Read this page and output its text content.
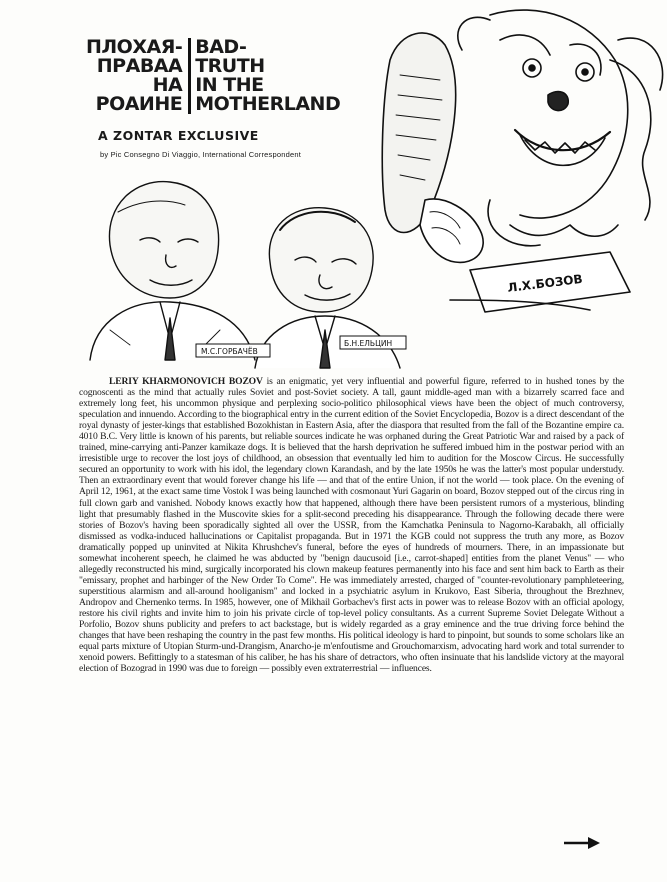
Л.Х.БОЗОВ
М.С.ГОРБАЧЁВ
Б.Н.ЕЛЬЦИН
ПЛОХАЯ-
ПРАВАА
НА
РОАИНЕ
BAD-
TRUTH
IN THE
MOTHERLAND
A ZONTAR EXCLUSIVE
by Pic Consegno Di Viaggio, International Correspondent

LERIY KHARMONOVICH BOZOV is an enigmatic, yet very influential and powerful figure, referred to in hushed tones by the cognoscenti as the mind that actually rules Soviet and post-Soviet society. A tall, gaunt middle-aged man with a bizarrely scarred face and extremely long feet, his uncommon physique and perplexing socio-politico philosophical views have been the object of much controversy, speculation and innuendo. According to the biographical entry in the current edition of the Soviet Encyclopedia, Bozov is a direct descendant of the royal dynasty of jester-kings that established Bozokhistan in Eastern Asia, after the diaspora that resulted from the fall of the Bozantine empire ca. 4010 B.C. Very little is known of his parents, but reliable sources indicate he was orphaned during the Great Patriotic War and raised by a pack of trained, mine-carrying anti-Panzer kamikaze dogs. It is believed that the harsh deprivation he suffered imbued him in the postwar period with an irresistible urge to recover the lost joys of childhood, an obsession that eventually led him to audition for the Moscow Circus. He successfully secured an opportunity to work with his idol, the legendary clown Karandash, and by the late 1950s he was the latter's most popular understudy. Then an extraordinary event that would forever change his life — and that of the entire Union, if not the world — took place. On the evening of April 12, 1961, at the exact same time Vostok I was being launched with cosmonaut Yuri Gagarin on board, Bozov stepped out of the circus ring in full clown garb and vanished. Nobody knows exactly how that happened, although there have been persistent rumors of a mysterious, blinding light that presumably flashed in the Muscovite skies for a split-second preceding his disappearance. Through the following decade there were stories of Bozov's having been sporadically sighted all over the USSR, from the Kamchatka Peninsula to Nagorno-Karabakh, all officially dismissed as vodka-induced hallucinations or Capitalist propaganda. But in 1971 the KGB could not suppress the truth any more, as Bozov dramatically popped up uninvited at Nikita Khrushchev's funeral, before the eyes of hundreds of mourners. There, in an impassionate but somewhat incoherent speech, he claimed he was abducted by "benign daucusoid [i.e., carrot-shaped] entities from the planet Venus" — who allegedly reconstructed his mind, surgically incorporated his clown makeup features permanently into his face and sent him back to Earth as their "emissary, prophet and harbinger of the New Order To Come". He was immediately arrested, charged of "counter-revolutionary pamphleteering, superstitious alarmism and all-around hooliganism" and locked in a psychiatric asylum in Krukovo, East Siberia, throughout the Brezhnev, Andropov and Chernenko terms. In 1985, however, one of Mikhail Gorbachev's first acts in power was to release Bozov with an official apology, restore his civil rights and invite him to join his private circle of top-level policy consultants. As a current Supreme Soviet Delegate Without a Porfolio, Bozov shuns publicity and prefers to act backstage, but is widely regarded as a gray eminence and the true driving force behind the changes that have been reshaping the country in the past few months. His political ideology is hard to pinpoint, but sounds to some scholars like an equal parts mixture of Utopian Sturm-und-Drangism, Anarcho-je m'enfoutisme and Grouchomarxism, advocating hard work and total surrender to xenoid powers. Befittingly to a statesman of his caliber, he has his share of detractors, who often insinuate that his landslide victory at the mayoral election of Bozograd in 1990 was due to foreign — possibly even extraterrestrial — influences.
